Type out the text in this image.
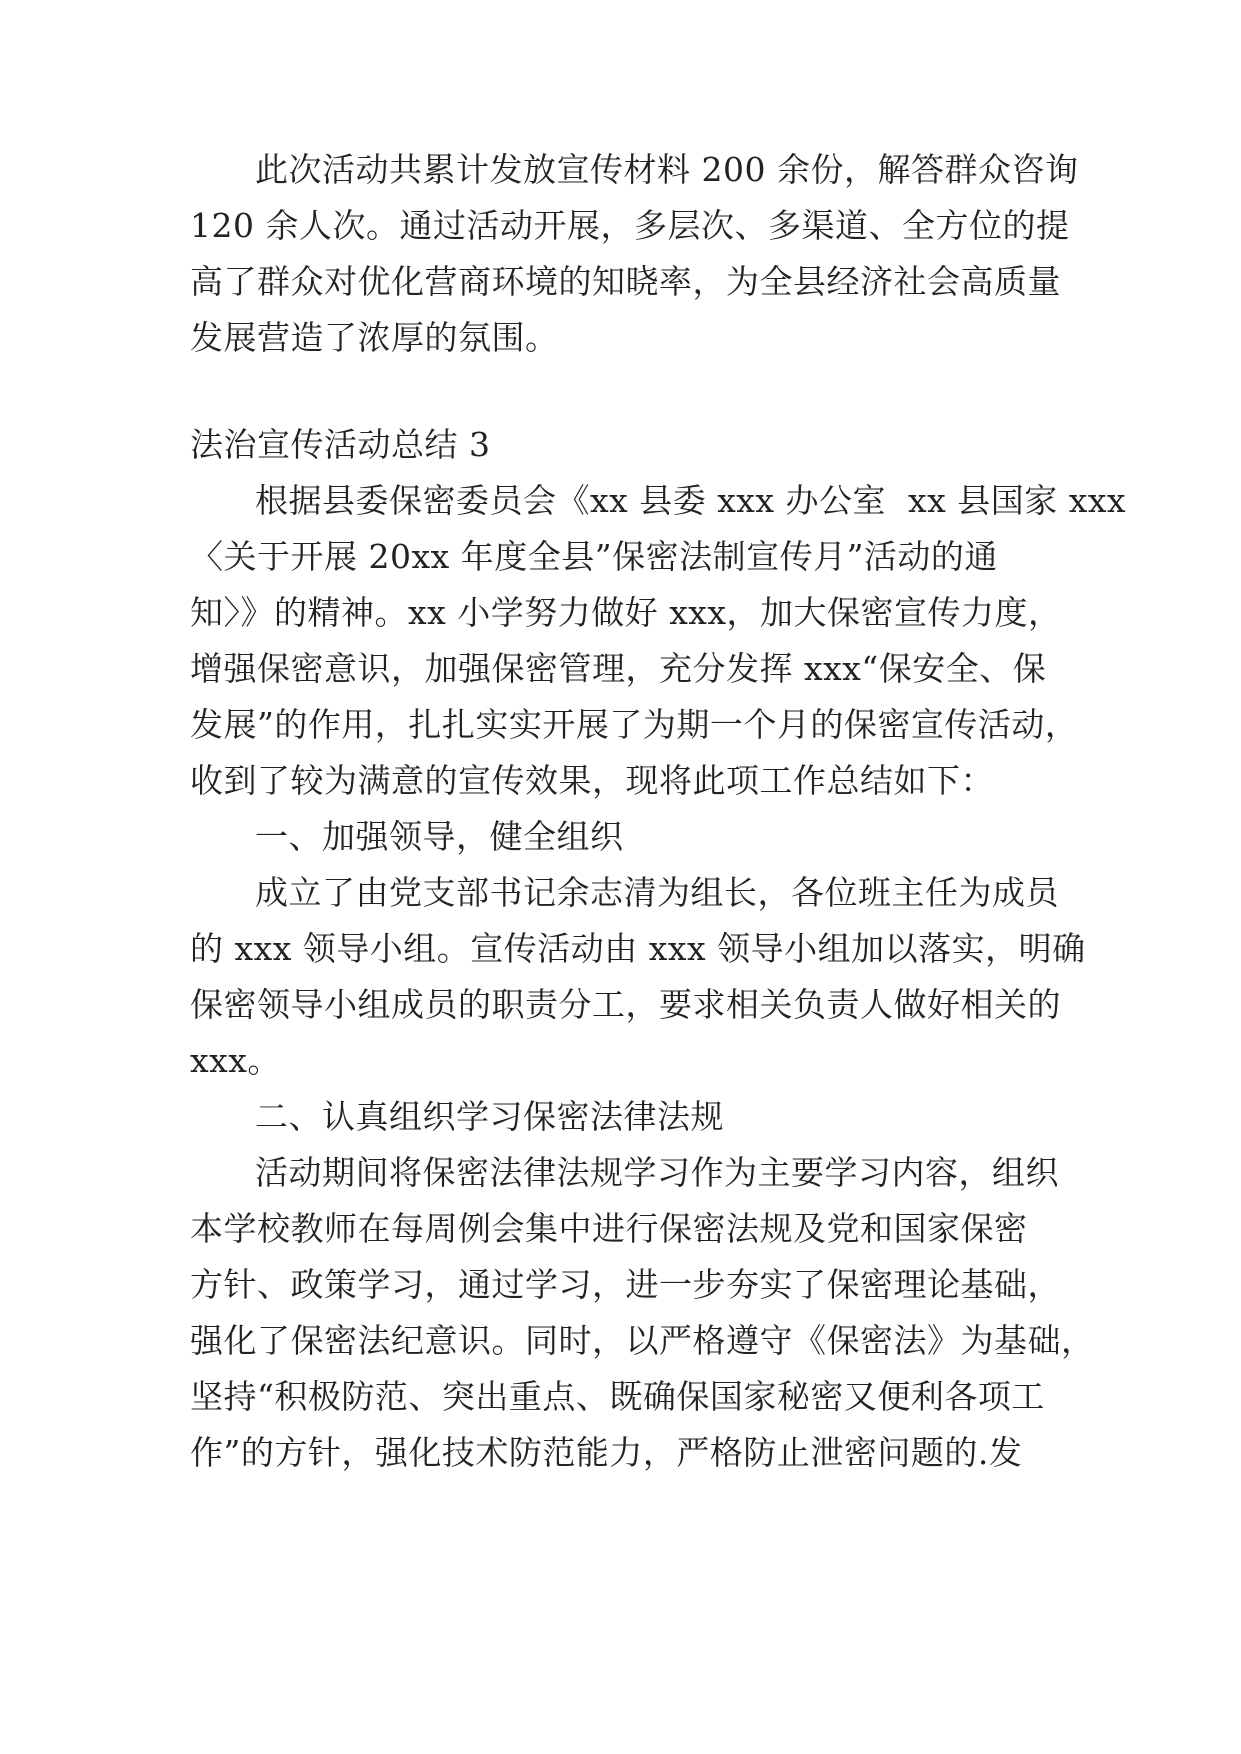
此次活动共累计发放宣传材料 200 余份，解答群众咨询
120 余人次。通过活动开展，多层次、多渠道、全方位的提
高了群众对优化营商环境的知晓率，为全县经济社会高质量
发展营造了浓厚的氛围。
法治宣传活动总结 3
根据县委保密委员会《xx 县委 xxx 办公室  xx 县国家 xxx
〈关于开展 20xx 年度全县”保密法制宣传月”活动的通
知〉》的精神。xx 小学努力做好 xxx，加大保密宣传力度，
增强保密意识，加强保密管理，充分发挥 xxx“保安全、保
发展”的作用，扎扎实实开展了为期一个月的保密宣传活动，
收到了较为满意的宣传效果，现将此项工作总结如下：
一、加强领导，健全组织
成立了由党支部书记余志清为组长，各位班主任为成员
的 xxx 领导小组。宣传活动由 xxx 领导小组加以落实，明确
保密领导小组成员的职责分工，要求相关负责人做好相关的
xxx。
二、认真组织学习保密法律法规
活动期间将保密法律法规学习作为主要学习内容，组织
本学校教师在每周例会集中进行保密法规及党和国家保密
方针、政策学习，通过学习，进一步夯实了保密理论基础，
强化了保密法纪意识。同时，以严格遵守《保密法》为基础，
坚持“积极防范、突出重点、既确保国家秘密又便利各项工
作”的方针，强化技术防范能力，严格防止泄密问题的.发
